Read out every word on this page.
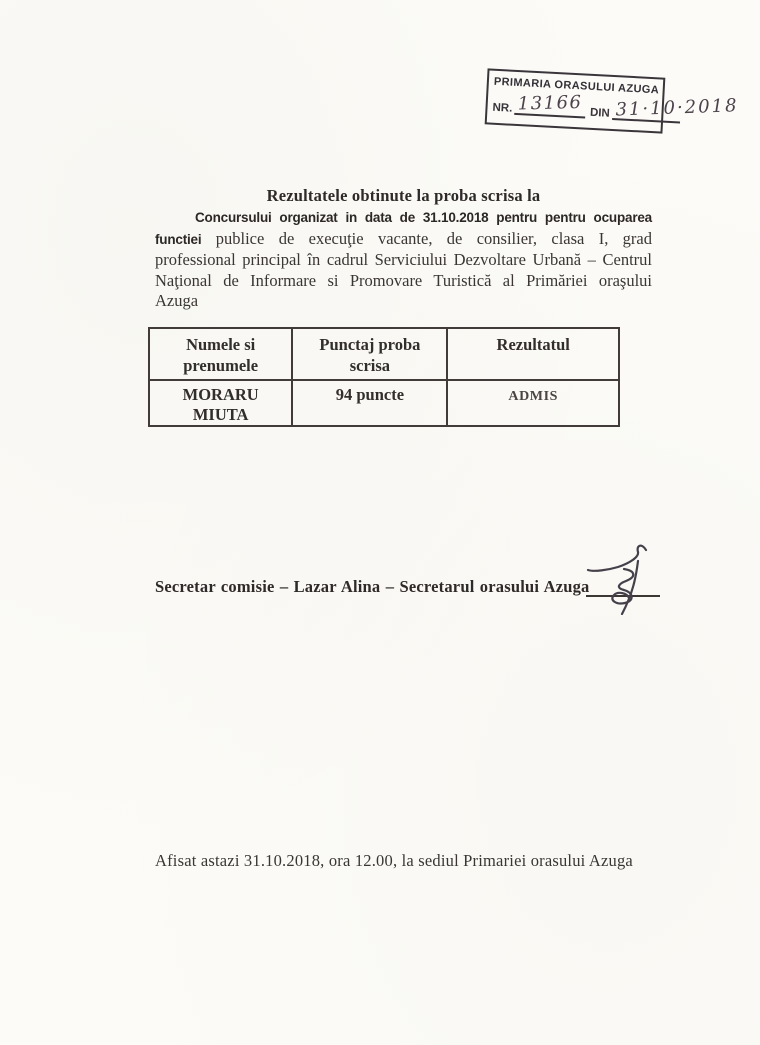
PRIMARIA ORASULUI AZUGA
NR. 13166 DIN 31·10·2018
Rezultatele obtinute la proba scrisa la

Concursului organizat in data de 31.10.2018 pentru pentru ocuparea functiei publice de execuţie vacante, de consilier, clasa I, grad professional principal în cadrul Serviciului Dezvoltare Urbană – Centrul Naţional de Informare si Promovare Turistică al Primăriei oraşului Azuga

Numele si prenumele	Punctaj proba scrisa	Rezultatul
MORARU MIUTA	94 puncte	ADMIS
Secretar comisie – Lazar Alina – Secretarul orasului Azuga
Afisat astazi 31.10.2018, ora 12.00, la sediul Primariei orasului Azuga
